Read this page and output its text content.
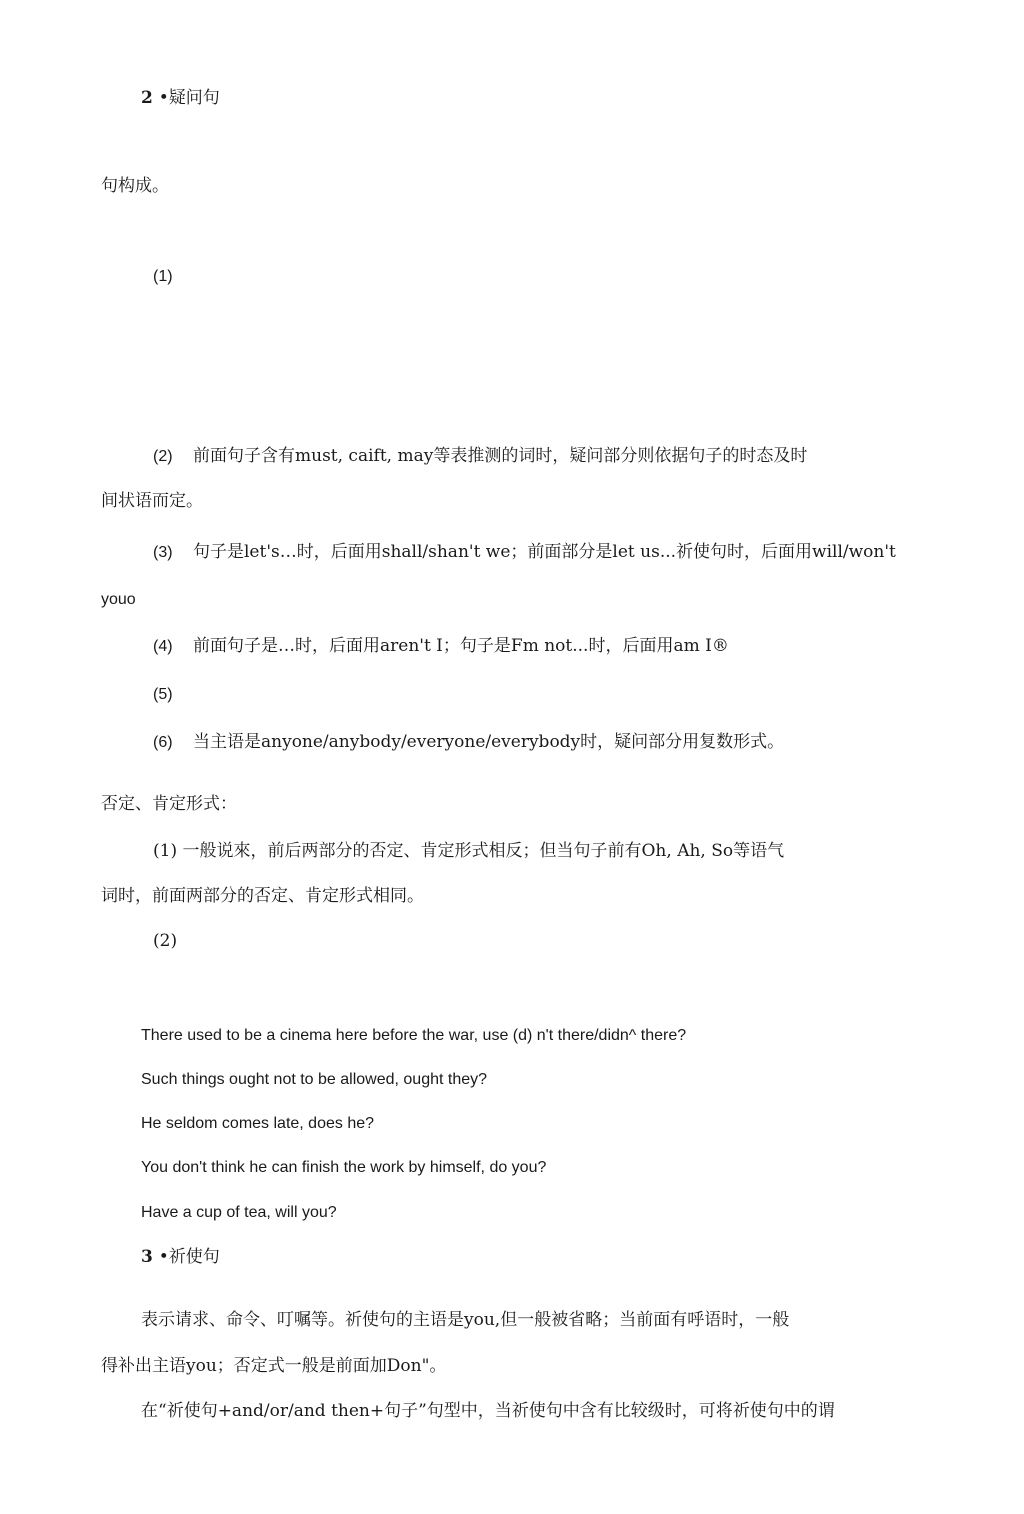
2 •疑问句
句构成。
(1)
(2) 前面句子含有must, caift, may等表推测的词时，疑问部分则依据句子的时态及时
间状语而定。
(3) 句子是let's…时，后面用shall/shan't we；前面部分是let us...祈使句时，后面用will/won't
youo
(4) 前面句子是…时，后面用aren't I；句子是Fm not...时，后面用am I®
(5)
(6) 当主语是anyone/anybody/everyone/everybody时，疑问部分用复数形式。
否定、肯定形式：
(1) 一般说來，前后两部分的否定、肯定形式相反；但当句子前有Oh, Ah, So等语气
词时，前面两部分的否定、肯定形式相同。
(2)
There used to be a cinema here before the war, use (d) n't there/didn^ there?
Such things ought not to be allowed, ought they?
He seldom comes late, does he?
You don't think he can finish the work by himself, do you?
Have a cup of tea, will you?
3 •祈使句
表示请求、命令、叮嘱等。祈使句的主语是you,但一般被省略；当前面有呼语时，一般
得补出主语you；否定式一般是前面加Don"。
在“祈使句+and/or/and then+句子”句型中，当祈使句中含有比较级时，可将祈使句中的谓
